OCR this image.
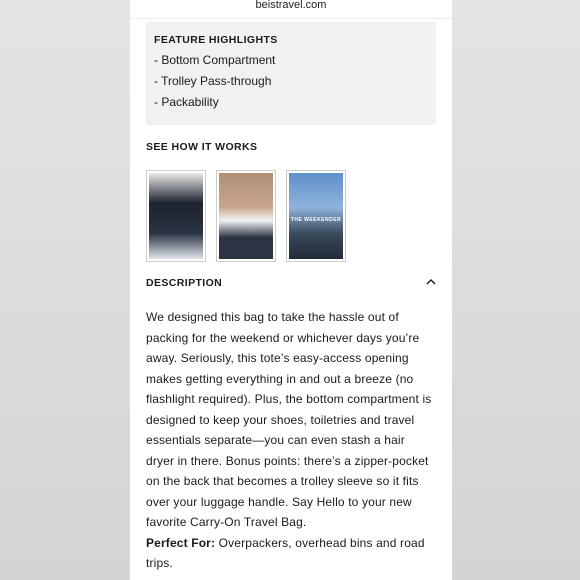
beistravel.com
FEATURE HIGHLIGHTS
- Bottom Compartment
- Trolley Pass-through
- Packability
SEE HOW IT WORKS
THE WEEKENDER
DESCRIPTION
We designed this bag to take the hassle out of packing for the weekend or whichever days you’re away. Seriously, this tote’s easy-access opening makes getting everything in and out a breeze (no flashlight required). Plus, the bottom compartment is designed to keep your shoes, toiletries and travel essentials separate—you can even stash a hair dryer in there. Bonus points: there’s a zipper-pocket on the back that becomes a trolley sleeve so it fits over your luggage handle. Say Hello to your new favorite Carry-On Travel Bag.
Perfect For: Overpackers, overhead bins and road trips.
